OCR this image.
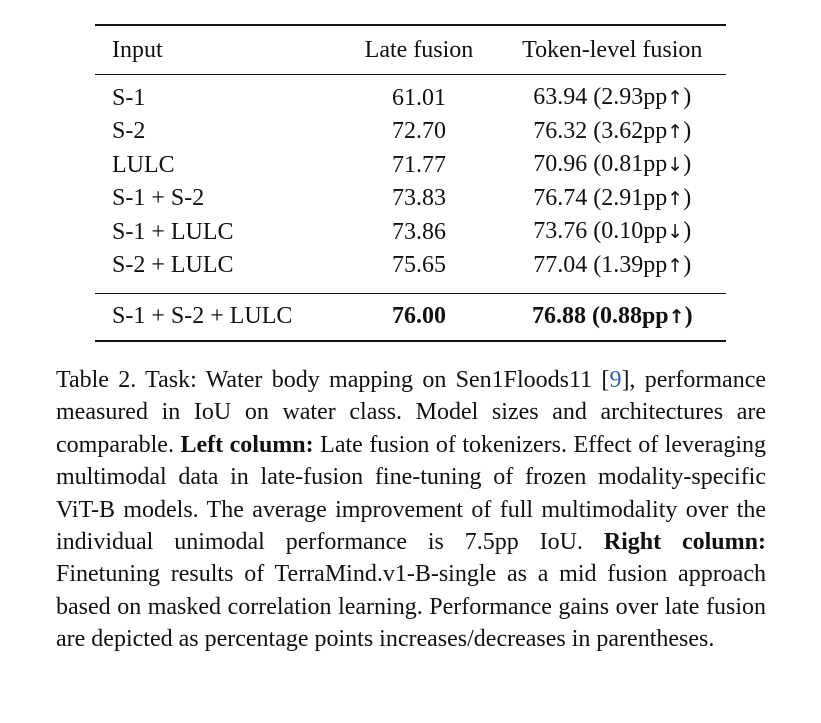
Input	Late fusion	Token-level fusion

S-1	61.01	63.94 (2.93pp↑)
S-2	72.70	76.32 (3.62pp↑)
LULC	71.77	70.96 (0.81pp↓)
S-1 + S-2	73.83	76.74 (2.91pp↑)
S-1 + LULC	73.86	73.76 (0.10pp↓)
S-2 + LULC	75.65	77.04 (1.39pp↑)

S-1 + S-2 + LULC	76.00	76.88 (0.88pp↑)
Table 2. Task: Water body mapping on Sen1Floods11 [9], performance measured in IoU on water class. Model sizes and architectures are comparable. Left column: Late fusion of tokenizers. Effect of leveraging multimodal data in late-fusion fine-tuning of frozen modality-specific ViT-B models. The average improvement of full multimodality over the individual unimodal performance is 7.5pp IoU. Right column: Finetuning results of TerraMind.v1-B-single as a mid fusion approach based on masked correlation learning. Performance gains over late fusion are depicted as percentage points increases/decreases in parentheses.
